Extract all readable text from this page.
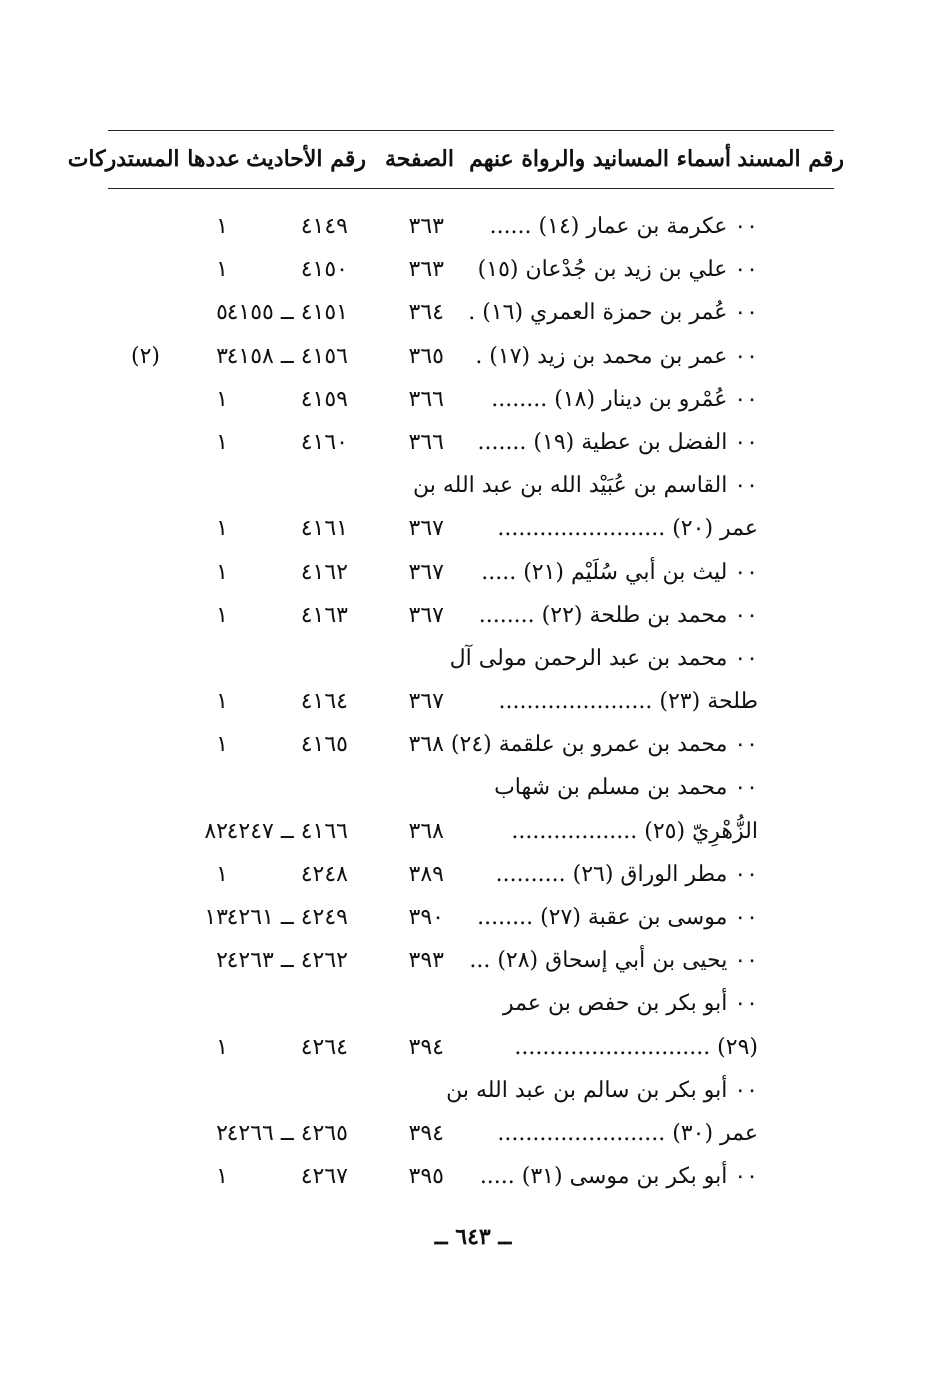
رقم المسند
أسماء المسانيد والرواة عنهم
الصفحة
رقم الأحاديث
عددها المستدركات
٠٠ عكرمة بن عمار (١٤) ......
٣٦٣
٤١٤٩
١
٠٠ علي بن زيد بن جُدْعان (١٥)
٣٦٣
٤١٥٠
١
٠٠ عُمر بن حمزة العمري (١٦) .
٣٦٤
٤١٥١ ــ ٤١٥٥
٥
٠٠ عمر بن محمد بن زيد (١٧) .
٣٦٥
٤١٥٦ ــ ٤١٥٨
٣
(٢)
٠٠ عُمْرو بن دينار (١٨) ........
٣٦٦
٤١٥٩
١
٠٠ الفضل بن عطية (١٩) .......
٣٦٦
٤١٦٠
١
٠٠ القاسم بن عُبَيْد الله بن عبد الله بن
عمر (٢٠) ........................
٣٦٧
٤١٦١
١
٠٠ ليث بن أبي سُلَيْم (٢١) .....
٣٦٧
٤١٦٢
١
٠٠ محمد بن طلحة (٢٢) ........
٣٦٧
٤١٦٣
١
٠٠ محمد بن عبد الرحمن مولى آل
طلحة (٢٣) ......................
٣٦٧
٤١٦٤
١
٠٠ محمد بن عمرو بن علقمة (٢٤)
٣٦٨
٤١٦٥
١
٠٠ محمد بن مسلم بن شهاب
الزُّهْرِيّ (٢٥) ..................
٣٦٨
٤١٦٦ ــ ٤٢٤٧
٨٢
٠٠ مطر الوراق (٢٦) ..........
٣٨٩
٤٢٤٨
١
٠٠ موسى بن عقبة (٢٧) ........
٣٩٠
٤٢٤٩ ــ ٤٢٦١
١٣
٠٠ يحيى بن أبي إسحاق (٢٨) ...
٣٩٣
٤٢٦٢ ــ ٤٢٦٣
٢
٠٠ أبو بكر بن حفص بن عمر
(٢٩) ............................
٣٩٤
٤٢٦٤
١
٠٠ أبو بكر بن سالم بن عبد الله بن
عمر (٣٠) ........................
٣٩٤
٤٢٦٥ ــ ٤٢٦٦
٢
٠٠ أبو بكر بن موسى (٣١) .....
٣٩٥
٤٢٦٧
١
ــ ٦٤٣ ــ
